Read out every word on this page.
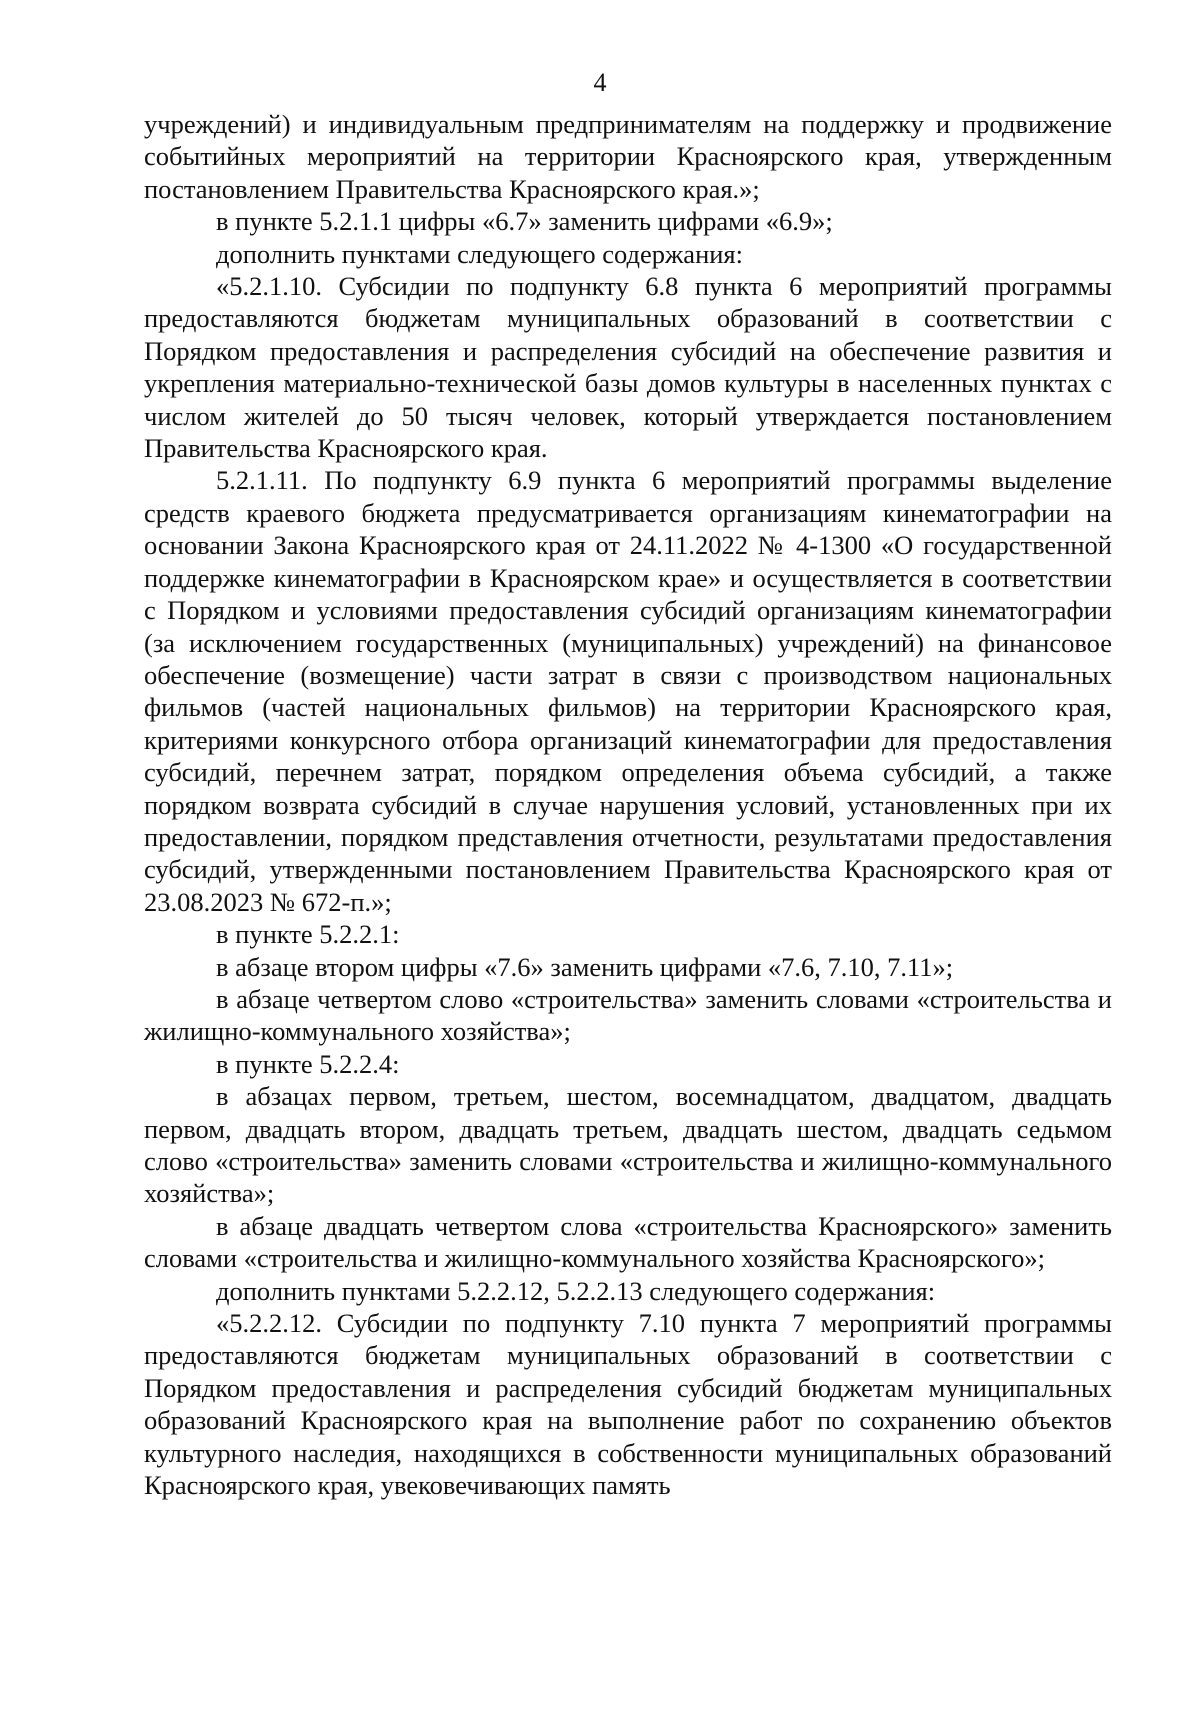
4

учреждений) и индивидуальным предпринимателям на поддержку и продвижение событийных мероприятий на территории Красноярского края, утвержденным постановлением Правительства Красноярского края.»;

в пункте 5.2.1.1 цифры «6.7» заменить цифрами «6.9»;

дополнить пунктами следующего содержания:

«5.2.1.10. Субсидии по подпункту 6.8 пункта 6 мероприятий программы предоставляются бюджетам муниципальных образований в соответствии с Порядком предоставления и распределения субсидий на обеспечение развития и укрепления материально-технической базы домов культуры в населенных пунктах с числом жителей до 50 тысяч человек, который утверждается постановлением Правительства Красноярского края.

5.2.1.11. По подпункту 6.9 пункта 6 мероприятий программы выделение средств краевого бюджета предусматривается организациям кинематографии на основании Закона Красноярского края от 24.11.2022 № 4-1300 «О государственной поддержке кинематографии в Красноярском крае» и осуществляется в соответствии с Порядком и условиями предоставления субсидий организациям кинематографии (за исключением государственных (муниципальных) учреждений) на финансовое обеспечение (возмещение) части затрат в связи с производством национальных фильмов (частей национальных фильмов) на территории Красноярского края, критериями конкурсного отбора организаций кинематографии для предоставления субсидий, перечнем затрат, порядком определения объема субсидий, а также порядком возврата субсидий в случае нарушения условий, установленных при их предоставлении, порядком представления отчетности, результатами предоставления субсидий, утвержденными постановлением Правительства Красноярского края от 23.08.2023 № 672-п.»;

в пункте 5.2.2.1:

в абзаце втором цифры «7.6» заменить цифрами «7.6, 7.10, 7.11»;

в абзаце четвертом слово «строительства» заменить словами «строительства и жилищно-коммунального хозяйства»;

в пункте 5.2.2.4:

в абзацах первом, третьем, шестом, восемнадцатом, двадцатом, двадцать первом, двадцать втором, двадцать третьем, двадцать шестом, двадцать седьмом слово «строительства» заменить словами «строительства и жилищно-коммунального хозяйства»;

в абзаце двадцать четвертом слова «строительства Красноярского» заменить словами «строительства и жилищно-коммунального хозяйства Красноярского»;

дополнить пунктами 5.2.2.12, 5.2.2.13 следующего содержания:

«5.2.2.12. Субсидии по подпункту 7.10 пункта 7 мероприятий программы предоставляются бюджетам муниципальных образований в соответствии с Порядком предоставления и распределения субсидий бюджетам муниципальных образований Красноярского края на выполнение работ по сохранению объектов культурного наследия, находящихся в собственности муниципальных образований Красноярского края, увековечивающих память
